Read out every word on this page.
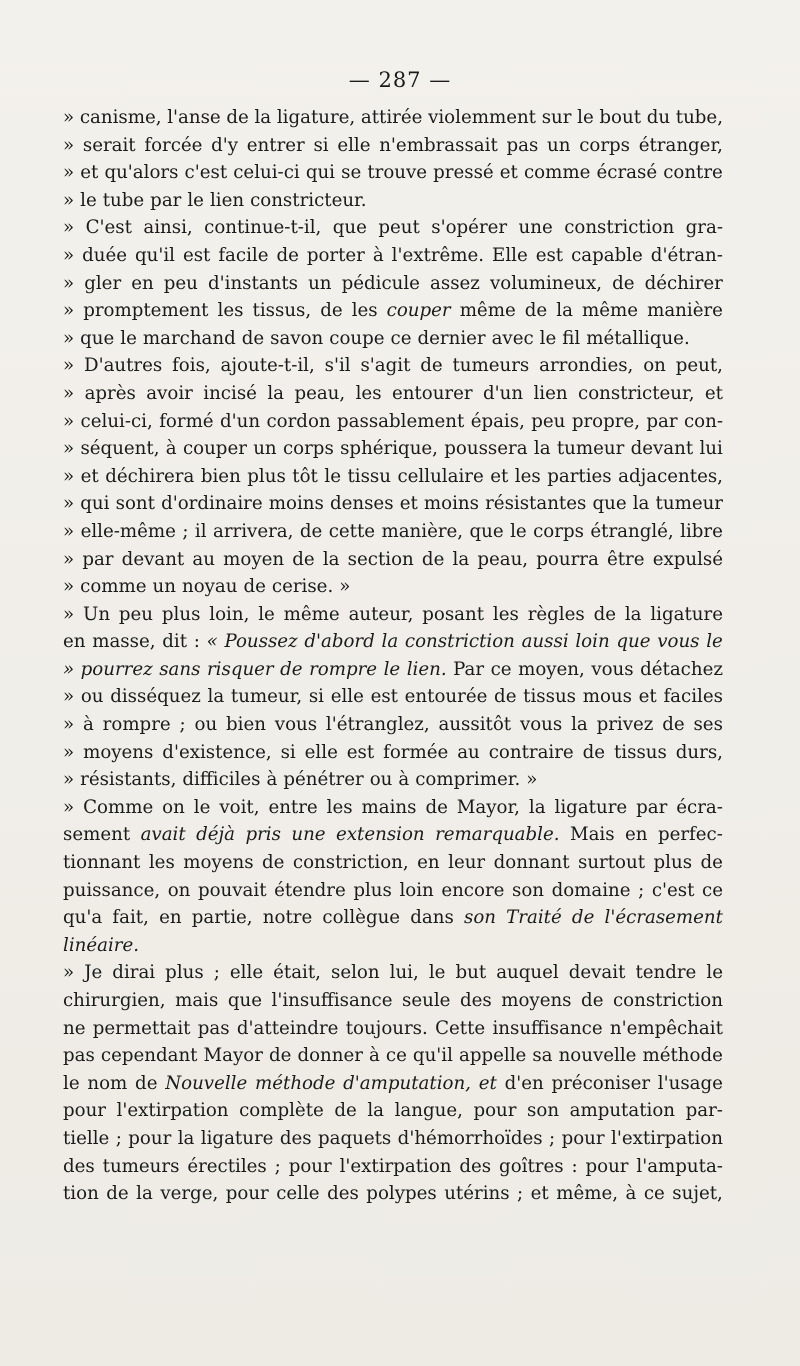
— 287 —
» canisme, l'anse de la ligature, attirée violemment sur le bout du tube,
» serait forcée d'y entrer si elle n'embrassait pas un corps étranger,
» et qu'alors c'est celui-ci qui se trouve pressé et comme écrasé contre
» le tube par le lien constricteur.
» C'est ainsi, continue-t-il, que peut s'opérer une constriction gra-
» duée qu'il est facile de porter à l'extrême. Elle est capable d'étran-
» gler en peu d'instants un pédicule assez volumineux, de déchirer
» promptement les tissus, de les couper même de la même manière
» que le marchand de savon coupe ce dernier avec le fil métallique.
» D'autres fois, ajoute-t-il, s'il s'agit de tumeurs arrondies, on peut,
» après avoir incisé la peau, les entourer d'un lien constricteur, et
» celui-ci, formé d'un cordon passablement épais, peu propre, par con-
» séquent, à couper un corps sphérique, poussera la tumeur devant lui
» et déchirera bien plus tôt le tissu cellulaire et les parties adjacentes,
» qui sont d'ordinaire moins denses et moins résistantes que la tumeur
» elle-même ; il arrivera, de cette manière, que le corps étranglé, libre
» par devant au moyen de la section de la peau, pourra être expulsé
» comme un noyau de cerise. »
» Un peu plus loin, le même auteur, posant les règles de la ligature
en masse, dit : « Poussez d'abord la constriction aussi loin que vous le
» pourrez sans risquer de rompre le lien. Par ce moyen, vous détachez
» ou disséquez la tumeur, si elle est entourée de tissus mous et faciles
» à rompre ; ou bien vous l'étranglez, aussitôt vous la privez de ses
» moyens d'existence, si elle est formée au contraire de tissus durs,
» résistants, difficiles à pénétrer ou à comprimer. »
» Comme on le voit, entre les mains de Mayor, la ligature par écra-
sement avait déjà pris une extension remarquable. Mais en perfec-
tionnant les moyens de constriction, en leur donnant surtout plus de
puissance, on pouvait étendre plus loin encore son domaine ; c'est ce
qu'a fait, en partie, notre collègue dans son Traité de l'écrasement
linéaire.
» Je dirai plus ; elle était, selon lui, le but auquel devait tendre le
chirurgien, mais que l'insuffisance seule des moyens de constriction
ne permettait pas d'atteindre toujours. Cette insuffisance n'empêchait
pas cependant Mayor de donner à ce qu'il appelle sa nouvelle méthode
le nom de Nouvelle méthode d'amputation, et d'en préconiser l'usage
pour l'extirpation complète de la langue, pour son amputation par-
tielle ; pour la ligature des paquets d'hémorrhoïdes ; pour l'extirpation
des tumeurs érectiles ; pour l'extirpation des goîtres : pour l'amputa-
tion de la verge, pour celle des polypes utérins ; et même, à ce sujet,
